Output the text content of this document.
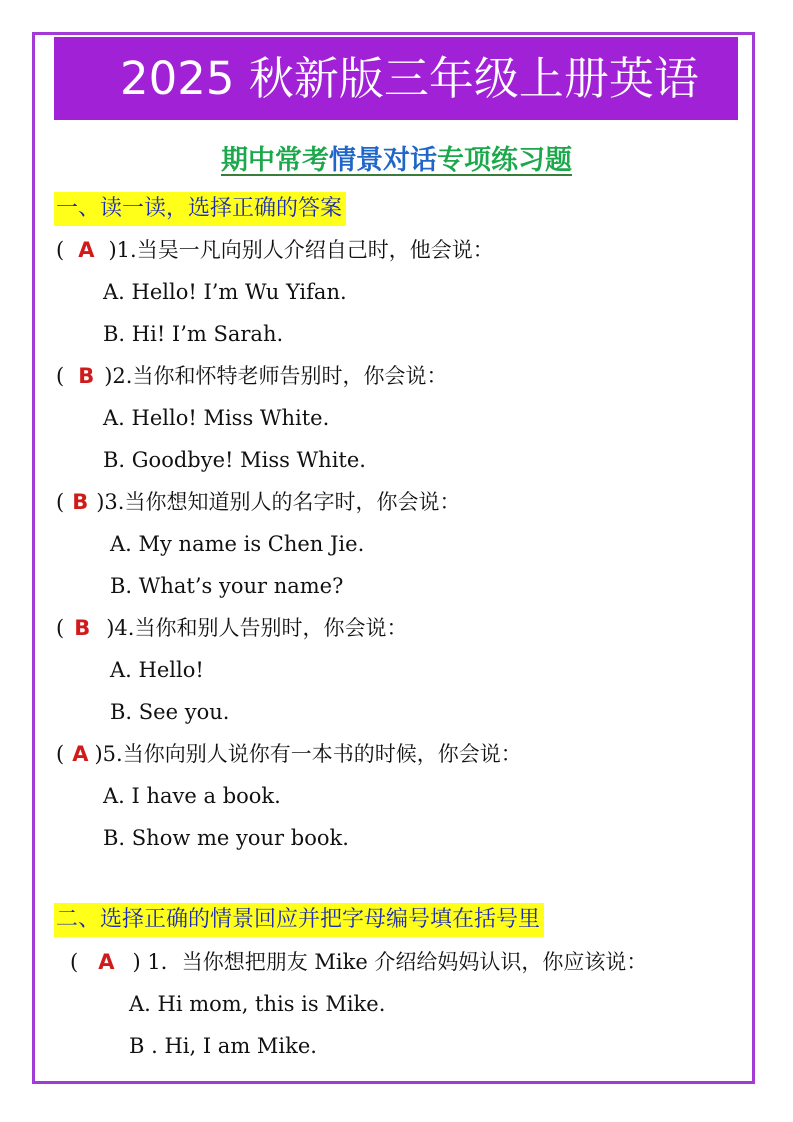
2025 秋新版三年级上册英语
期中常考情景对话专项练习题
一、读一读，选择正确的答案
( A )1.当吴一凡向别人介绍自己时，他会说：
A. Hello! I’m Wu Yifan.
B. Hi! I’m Sarah.
( B )2.当你和怀特老师告别时，你会说：
A. Hello! Miss White.
B. Goodbye! Miss White.
( B )3.当你想知道别人的名字时，你会说：
A. My name is Chen Jie.
B. What’s your name?
( B )4.当你和别人告别时，你会说：
A. Hello!
B. See you.
( A )5.当你向别人说你有一本书的时候，你会说：
A. I have a book.
B. Show me your book.
二、选择正确的情景回应并把字母编号填在括号里
( A ) 1．当你想把朋友 Mike 介绍给妈妈认识，你应该说：
A. Hi mom, this is Mike.
B . Hi, I am Mike.
